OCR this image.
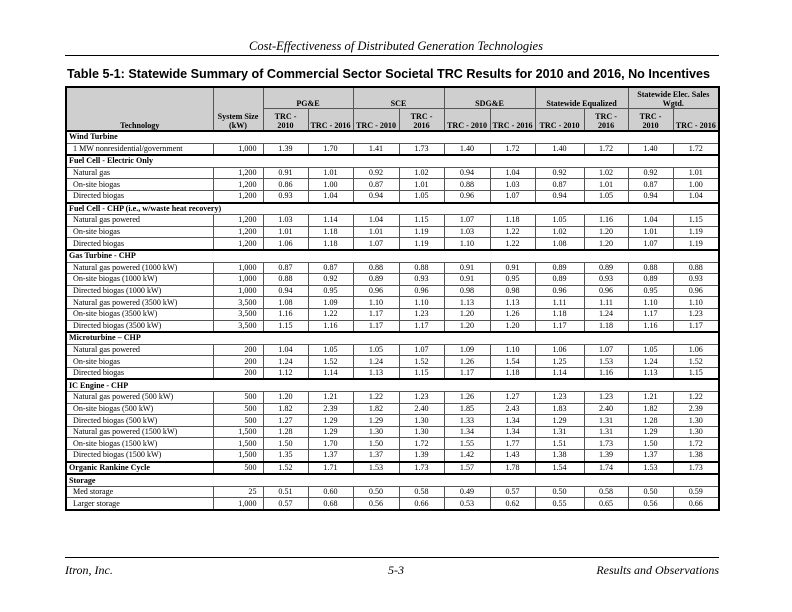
Cost-Effectiveness of Distributed Generation Technologies
Table 5-1: Statewide Summary of Commercial Sector Societal TRC Results for 2010 and 2016, No Incentives
		PG&E		SCE		SDG&E		Statewide Equalized		Statewide Elec. Sales Wgtd.	
Technology	System Size (kW)	TRC - 2010	TRC - 2016	TRC - 2010	TRC - 2016	TRC - 2010	TRC - 2016	TRC - 2010	TRC - 2016	TRC - 2010	TRC - 2016
Wind Turbine											
1 MW nonresidential/government	1,000	1.39	1.70	1.41	1.73	1.40	1.72	1.40	1.72	1.40	1.72
Fuel Cell - Electric Only											
Natural gas	1,200	0.91	1.01	0.92	1.02	0.94	1.04	0.92	1.02	0.92	1.01
On-site biogas	1,200	0.86	1.00	0.87	1.01	0.88	1.03	0.87	1.01	0.87	1.00
Directed biogas	1,200	0.93	1.04	0.94	1.05	0.96	1.07	0.94	1.05	0.94	1.04
Fuel Cell - CHP (i.e., w/waste heat recovery)											
Natural gas powered	1,200	1.03	1.14	1.04	1.15	1.07	1.18	1.05	1.16	1.04	1.15
On-site biogas	1,200	1.01	1.18	1.01	1.19	1.03	1.22	1.02	1.20	1.01	1.19
Directed biogas	1,200	1.06	1.18	1.07	1.19	1.10	1.22	1.08	1.20	1.07	1.19
Gas Turbine - CHP											
Natural gas powered (1000 kW)	1,000	0.87	0.87	0.88	0.88	0.91	0.91	0.89	0.89	0.88	0.88
On-site biogas (1000 kW)	1,000	0.88	0.92	0.89	0.93	0.91	0.95	0.89	0.93	0.89	0.93
Directed biogas (1000 kW)	1,000	0.94	0.95	0.96	0.96	0.98	0.98	0.96	0.96	0.95	0.96
Natural gas powered (3500 kW)	3,500	1.08	1.09	1.10	1.10	1.13	1.13	1.11	1.11	1.10	1.10
On-site biogas (3500 kW)	3,500	1.16	1.22	1.17	1.23	1.20	1.26	1.18	1.24	1.17	1.23
Directed biogas (3500 kW)	3,500	1.15	1.16	1.17	1.17	1.20	1.20	1.17	1.18	1.16	1.17
Microturbine – CHP											
Natural gas powered	200	1.04	1.05	1.05	1.07	1.09	1.10	1.06	1.07	1.05	1.06
On-site biogas	200	1.24	1.52	1.24	1.52	1.26	1.54	1.25	1.53	1.24	1.52
Directed biogas	200	1.12	1.14	1.13	1.15	1.17	1.18	1.14	1.16	1.13	1.15
IC Engine - CHP											
Natural gas powered (500 kW)	500	1.20	1.21	1.22	1.23	1.26	1.27	1.23	1.23	1.21	1.22
On-site biogas (500 kW)	500	1.82	2.39	1.82	2.40	1.85	2.43	1.83	2.40	1.82	2.39
Directed biogas (500 kW)	500	1.27	1.29	1.29	1.30	1.33	1.34	1.29	1.31	1.28	1.30
Natural gas powered (1500 kW)	1,500	1.28	1.29	1.30	1.30	1.34	1.34	1.31	1.31	1.29	1.30
On-site biogas (1500 kW)	1,500	1.50	1.70	1.50	1.72	1.55	1.77	1.51	1.73	1.50	1.72
Directed biogas (1500 kW)	1,500	1.35	1.37	1.37	1.39	1.42	1.43	1.38	1.39	1.37	1.38
Organic Rankine Cycle	500	1.52	1.71	1.53	1.73	1.57	1.78	1.54	1.74	1.53	1.73
Storage											
Med storage	25	0.51	0.60	0.50	0.58	0.49	0.57	0.50	0.58	0.50	0.59
Larger storage	1,000	0.57	0.68	0.56	0.66	0.53	0.62	0.55	0.65	0.56	0.66
Itron, Inc.	5-3	Results and Observations
